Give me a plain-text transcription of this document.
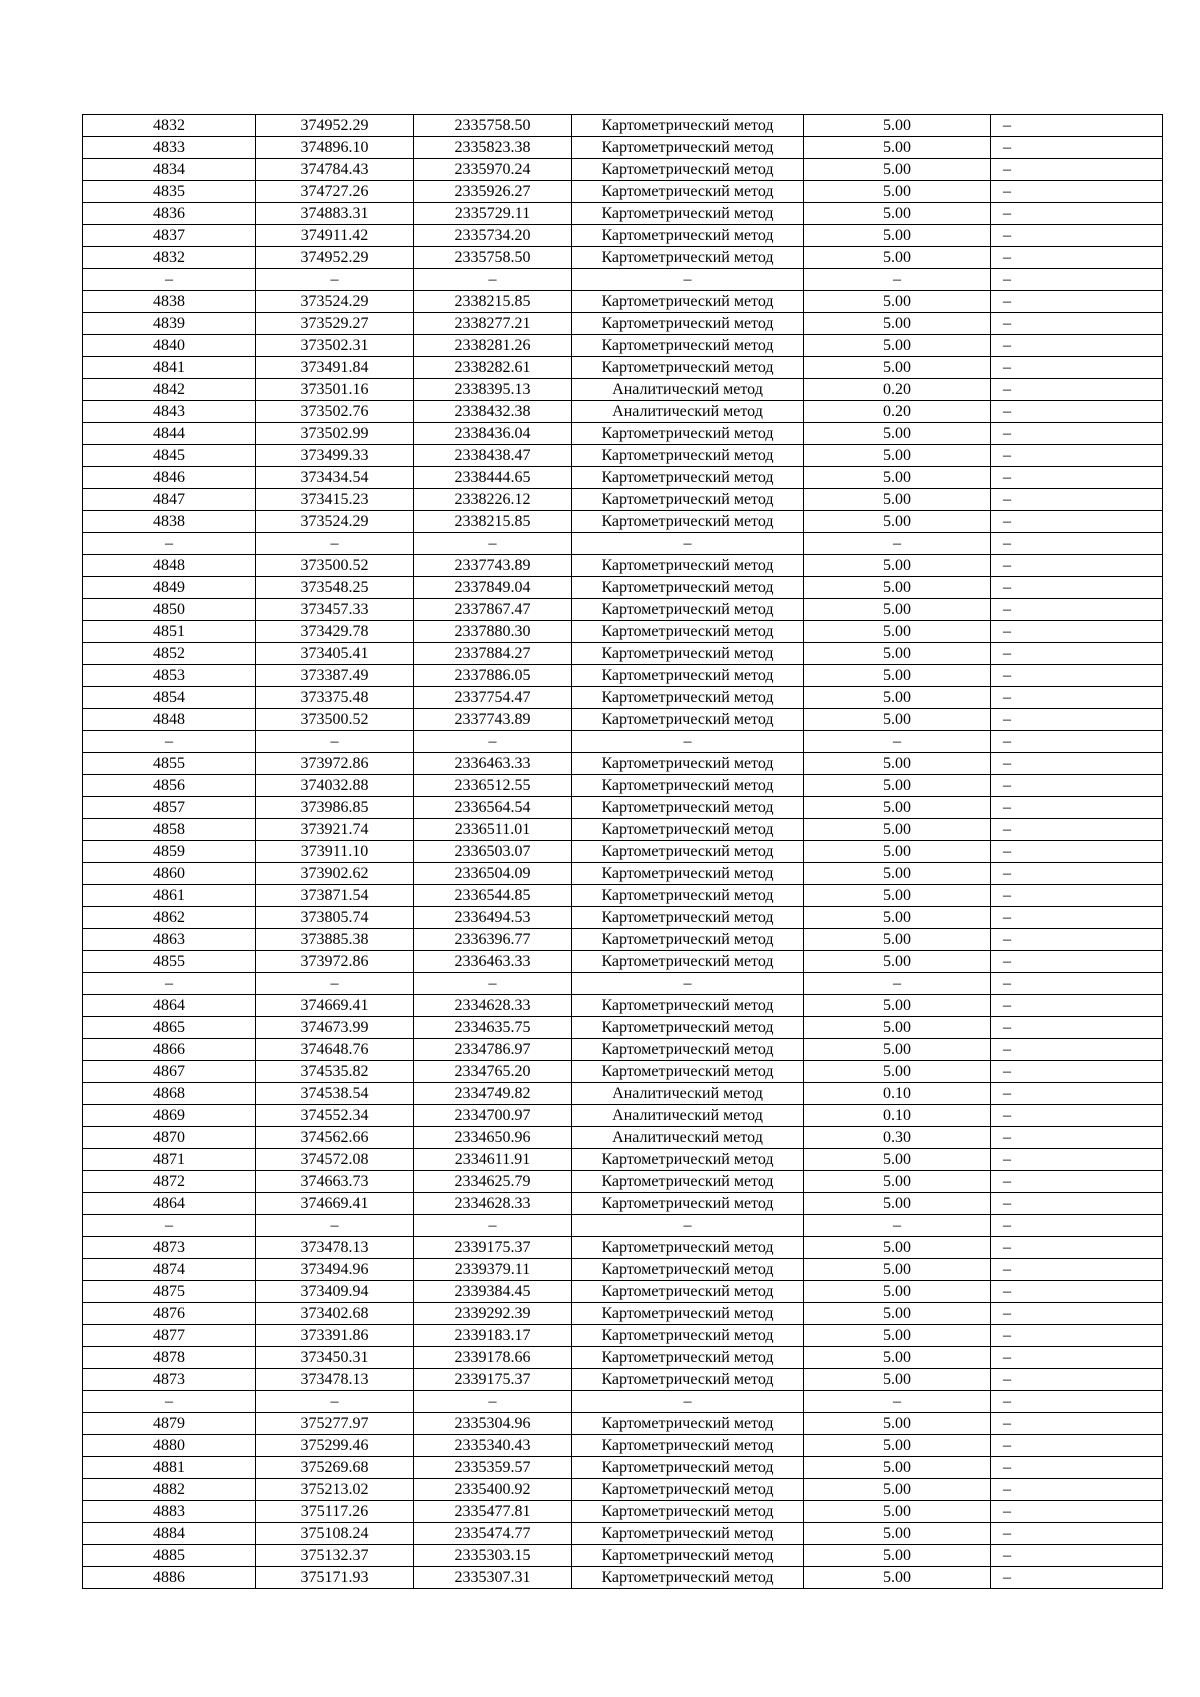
4832	374952.29	2335758.50	Картометрический метод	5.00	–
4833	374896.10	2335823.38	Картометрический метод	5.00	–
4834	374784.43	2335970.24	Картометрический метод	5.00	–
4835	374727.26	2335926.27	Картометрический метод	5.00	–
4836	374883.31	2335729.11	Картометрический метод	5.00	–
4837	374911.42	2335734.20	Картометрический метод	5.00	–
4832	374952.29	2335758.50	Картометрический метод	5.00	–
–	–	–	–	–	–
4838	373524.29	2338215.85	Картометрический метод	5.00	–
4839	373529.27	2338277.21	Картометрический метод	5.00	–
4840	373502.31	2338281.26	Картометрический метод	5.00	–
4841	373491.84	2338282.61	Картометрический метод	5.00	–
4842	373501.16	2338395.13	Аналитический метод	0.20	–
4843	373502.76	2338432.38	Аналитический метод	0.20	–
4844	373502.99	2338436.04	Картометрический метод	5.00	–
4845	373499.33	2338438.47	Картометрический метод	5.00	–
4846	373434.54	2338444.65	Картометрический метод	5.00	–
4847	373415.23	2338226.12	Картометрический метод	5.00	–
4838	373524.29	2338215.85	Картометрический метод	5.00	–
–	–	–	–	–	–
4848	373500.52	2337743.89	Картометрический метод	5.00	–
4849	373548.25	2337849.04	Картометрический метод	5.00	–
4850	373457.33	2337867.47	Картометрический метод	5.00	–
4851	373429.78	2337880.30	Картометрический метод	5.00	–
4852	373405.41	2337884.27	Картометрический метод	5.00	–
4853	373387.49	2337886.05	Картометрический метод	5.00	–
4854	373375.48	2337754.47	Картометрический метод	5.00	–
4848	373500.52	2337743.89	Картометрический метод	5.00	–
–	–	–	–	–	–
4855	373972.86	2336463.33	Картометрический метод	5.00	–
4856	374032.88	2336512.55	Картометрический метод	5.00	–
4857	373986.85	2336564.54	Картометрический метод	5.00	–
4858	373921.74	2336511.01	Картометрический метод	5.00	–
4859	373911.10	2336503.07	Картометрический метод	5.00	–
4860	373902.62	2336504.09	Картометрический метод	5.00	–
4861	373871.54	2336544.85	Картометрический метод	5.00	–
4862	373805.74	2336494.53	Картометрический метод	5.00	–
4863	373885.38	2336396.77	Картометрический метод	5.00	–
4855	373972.86	2336463.33	Картометрический метод	5.00	–
–	–	–	–	–	–
4864	374669.41	2334628.33	Картометрический метод	5.00	–
4865	374673.99	2334635.75	Картометрический метод	5.00	–
4866	374648.76	2334786.97	Картометрический метод	5.00	–
4867	374535.82	2334765.20	Картометрический метод	5.00	–
4868	374538.54	2334749.82	Аналитический метод	0.10	–
4869	374552.34	2334700.97	Аналитический метод	0.10	–
4870	374562.66	2334650.96	Аналитический метод	0.30	–
4871	374572.08	2334611.91	Картометрический метод	5.00	–
4872	374663.73	2334625.79	Картометрический метод	5.00	–
4864	374669.41	2334628.33	Картометрический метод	5.00	–
–	–	–	–	–	–
4873	373478.13	2339175.37	Картометрический метод	5.00	–
4874	373494.96	2339379.11	Картометрический метод	5.00	–
4875	373409.94	2339384.45	Картометрический метод	5.00	–
4876	373402.68	2339292.39	Картометрический метод	5.00	–
4877	373391.86	2339183.17	Картометрический метод	5.00	–
4878	373450.31	2339178.66	Картометрический метод	5.00	–
4873	373478.13	2339175.37	Картометрический метод	5.00	–
–	–	–	–	–	–
4879	375277.97	2335304.96	Картометрический метод	5.00	–
4880	375299.46	2335340.43	Картометрический метод	5.00	–
4881	375269.68	2335359.57	Картометрический метод	5.00	–
4882	375213.02	2335400.92	Картометрический метод	5.00	–
4883	375117.26	2335477.81	Картометрический метод	5.00	–
4884	375108.24	2335474.77	Картометрический метод	5.00	–
4885	375132.37	2335303.15	Картометрический метод	5.00	–
4886	375171.93	2335307.31	Картометрический метод	5.00	–
